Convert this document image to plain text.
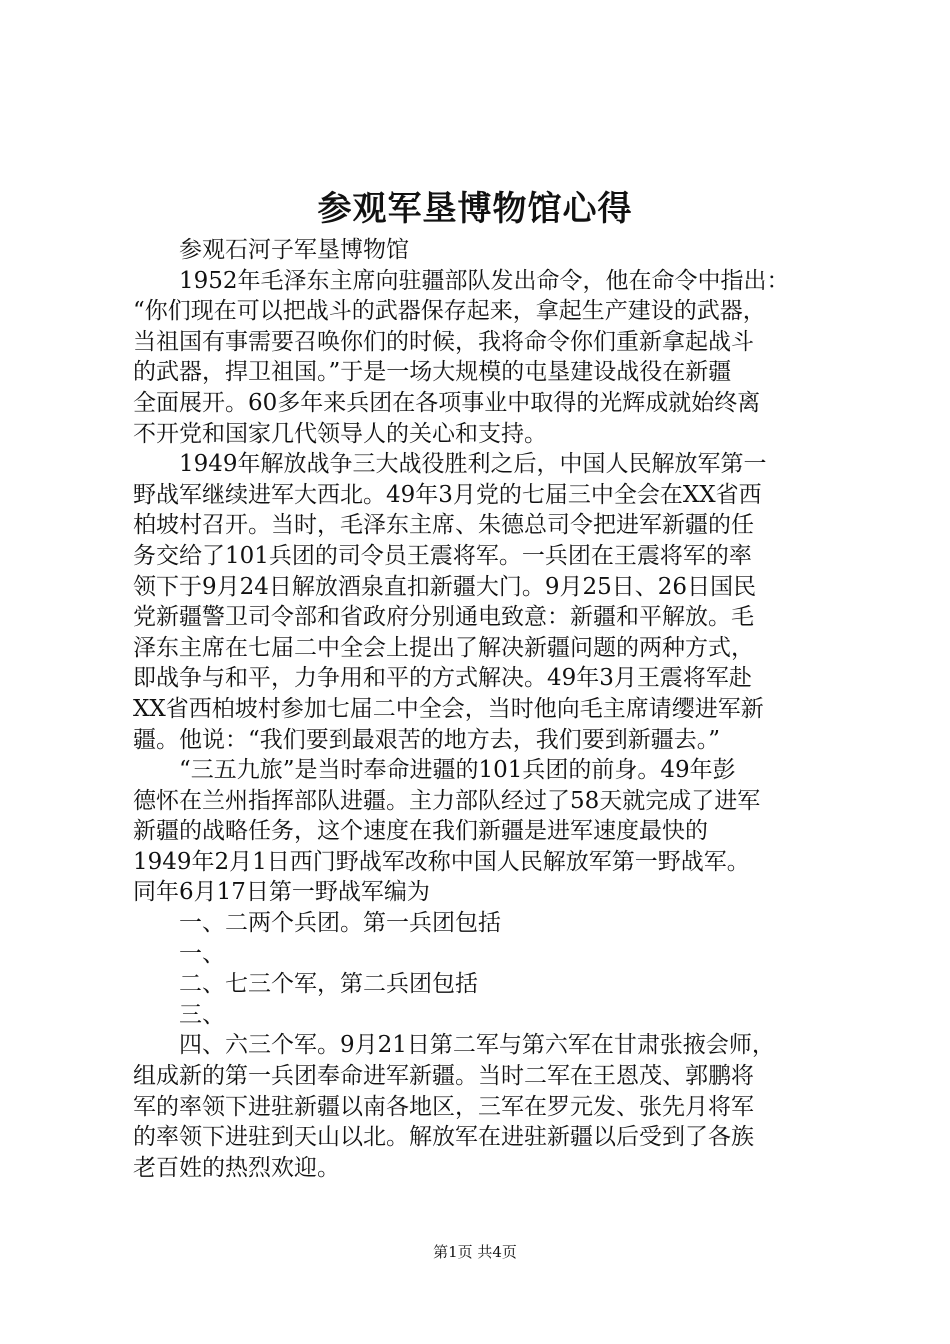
参观军垦博物馆心得
参观石河子军垦博物馆
1952年毛泽东主席向驻疆部队发出命令，他在命令中指出：
“你们现在可以把战斗的武器保存起来，拿起生产建设的武器，
当祖国有事需要召唤你们的时候，我将命令你们重新拿起战斗
的武器，捍卫祖国。”于是一场大规模的屯垦建设战役在新疆
全面展开。60多年来兵团在各项事业中取得的光辉成就始终离
不开党和国家几代领导人的关心和支持。
1949年解放战争三大战役胜利之后，中国人民解放军第一
野战军继续进军大西北。49年3月党的七届三中全会在XX省西
柏坡村召开。当时，毛泽东主席、朱德总司令把进军新疆的任
务交给了101兵团的司令员王震将军。一兵团在王震将军的率
领下于9月24日解放酒泉直扣新疆大门。9月25日、26日国民
党新疆警卫司令部和省政府分别通电致意：新疆和平解放。毛
泽东主席在七届二中全会上提出了解决新疆问题的两种方式，
即战争与和平，力争用和平的方式解决。49年3月王震将军赴
XX省西柏坡村参加七届二中全会，当时他向毛主席请缨进军新
疆。他说：“我们要到最艰苦的地方去，我们要到新疆去。”
“三五九旅”是当时奉命进疆的101兵团的前身。49年彭
德怀在兰州指挥部队进疆。主力部队经过了58天就完成了进军
新疆的战略任务，这个速度在我们新疆是进军速度最快的
1949年2月1日西门野战军改称中国人民解放军第一野战军。
同年6月17日第一野战军编为
一、二两个兵团。第一兵团包括
一、
二、七三个军，第二兵团包括
三、
四、六三个军。9月21日第二军与第六军在甘肃张掖会师，
组成新的第一兵团奉命进军新疆。当时二军在王恩茂、郭鹏将
军的率领下进驻新疆以南各地区，三军在罗元发、张先月将军
的率领下进驻到天山以北。解放军在进驻新疆以后受到了各族
老百姓的热烈欢迎。
第1页 共4页
